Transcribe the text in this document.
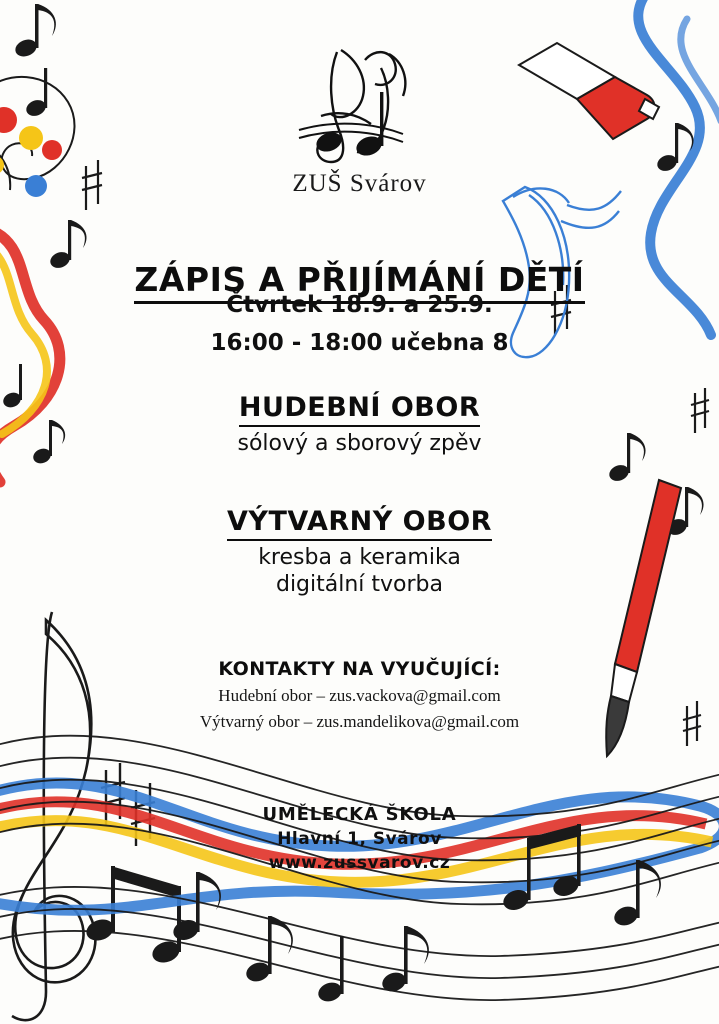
ZUŠ Svárov
ZÁPIS A PŘIJÍMÁNÍ DĚTÍ
Čtvrtek 18.9. a 25.9.
16:00 - 18:00 učebna 8
HUDEBNÍ OBOR
sólový a sborový zpěv
VÝTVARNÝ OBOR
kresba a keramika
digitální tvorba
KONTAKTY NA VYUČUJÍCÍ:
Hudební obor – zus.vackova@gmail.com
Výtvarný obor – zus.mandelikova@gmail.com
UMĚLECKÁ ŠKOLA
Hlavní 1, Svárov
www.zussvarov.cz
